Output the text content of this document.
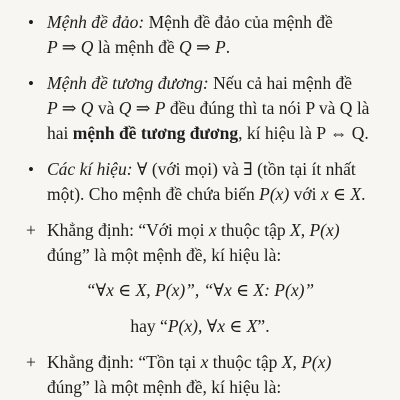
• Mệnh đề đảo: Mệnh đề đảo của mệnh đề
P ⇒ Q là mệnh đề Q ⇒ P.

• Mệnh đề tương đương: Nếu cả hai mệnh đề
P ⇒ Q và Q ⇒ P đều đúng thì ta nói P và Q là
hai mệnh đề tương đương, kí hiệu là P ⇔ Q.

• Các kí hiệu: ∀ (với mọi) và ∃ (tồn tại ít nhất
một). Cho mệnh đề chứa biến P(x) với x ∈ X.

+ Khẳng định: “Với mọi x thuộc tập X, P(x)
đúng” là một mệnh đề, kí hiệu là:

“∀x ∈ X, P(x)”, “∀x ∈ X: P(x)”

hay “P(x), ∀x ∈ X”.

+ Khẳng định: “Tồn tại x thuộc tập X, P(x)
đúng” là một mệnh đề, kí hiệu là:
